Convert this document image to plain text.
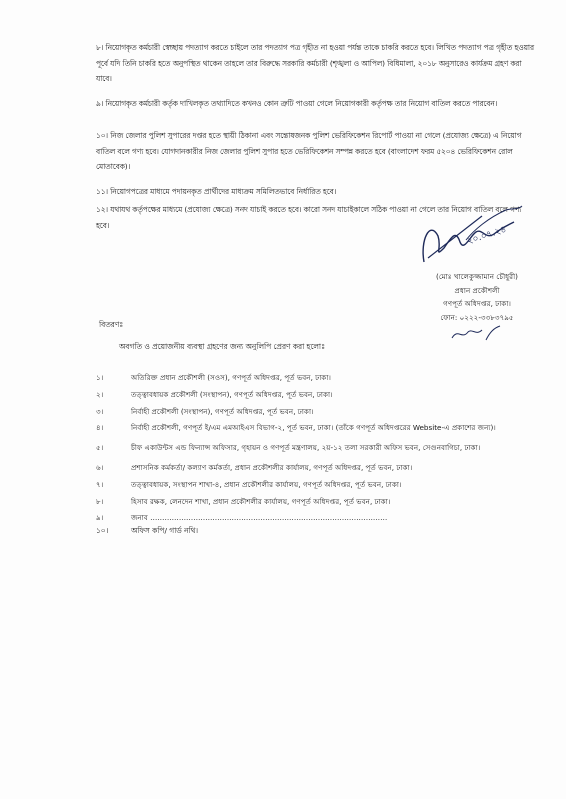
৮। নিয়োগকৃত কর্মচারী স্বেচ্ছায় পদত্যাগ করতে চাইলে তার পদত্যাগ পত্র গৃহীত না হওয়া পর্যন্ত তাকে চাকরি করতে হবে। লিখিত পদত্যাগ পত্র গৃহীত হওয়ার পূর্বে যদি তিনি চাকরি হতে অনুপস্থিত থাকেন তাহলে তার বিরুদ্ধে সরকারি কর্মচারী (শৃঙ্খলা ও আপিল) বিধিমালা, ২০১৮ অনুসারেও কার্যক্রম গ্রহণ করা যাবে।

৯। নিয়োগকৃত কর্মচারী কর্তৃক দাখিলকৃত তথ্যাদিতে কখনও কোন ত্রুটি পাওয়া গেলে নিয়োগকারী কর্তৃপক্ষ তার নিয়োগ বাতিল করতে পারবেন।

১০। নিজ জেলার পুলিশ সুপারের দপ্তর হতে স্থায়ী ঠিকানা এবং সন্তোষজনক পুলিশ ভেরিফিকেশন রিপোর্ট পাওয়া না গেলে (প্রযোজ্য ক্ষেত্রে) এ নিয়োগ বাতিল বলে গণ্য হবে। যোগদানকারীর নিজ জেলার পুলিশ সুপার হতে ভেরিফিকেশন সম্পন্ন করতে হবে (বাংলাদেশ ফরম ৫২০৪ ভেরিফিকেশন রোল মোতাবেক)।

১১। নিয়োগপত্রের মাধ্যমে পদায়নকৃত প্রার্থীদের মাধ্যক্রম সমিলিতভাবে নির্ধারিত হবে।

১২। যথাযথ কর্তৃপক্ষের মাধ্যমে (প্রযোজ্য ক্ষেত্রে) সনদ যাচাই করতে হবে। কারো সনদ যাচাইকালে সঠিক পাওয়া না গেলে তার নিয়োগ বাতিল বলে গণ্য হবে।	২০.০৭.২৪
(মোঃ খালেকুজ্জামান চৌধুরী)
প্রধান প্রকৌশলী
গণপূর্ত অধিদপ্তর, ঢাকা।
ফোন: ০২২২-৩৩৮৩৭৯৫
বিতরণঃ
অবগতি ও প্রয়োজনীয় ব্যবস্থা গ্রহণের জন্য অনুলিপি প্রেরণ করা হলোঃ
১।	অতিরিক্ত প্রধান প্রকৌশলী (সওস), গণপূর্ত অধিদপ্তর, পূর্ত ভবন, ঢাকা।
২।	তত্ত্বাবধায়ক প্রকৌশলী (সংস্থাপন), গণপূর্ত অধিদপ্তর, পূর্ত ভবন, ঢাকা।
৩।	নির্বাহী প্রকৌশলী (সংস্থাপন), গণপূর্ত অধিদপ্তর, পূর্ত ভবন, ঢাকা।
৪।	নির্বাহী প্রকৌশলী, গণপূর্ত ই/এম এমআইএস বিভাগ-২, পূর্ত ভবন, ঢাকা। (তাঁকে গণপূর্ত অধিদপ্তরের Website-এ প্রকাশের জন্য)।
৫।	চীফ একাউন্টস এন্ড ফিন্যান্স অফিসার, গৃহায়ন ও গণপূর্ত মন্ত্রণালয়, ২য়-১২ তলা সরকারী অফিস ভবন, সেগুনবাগিচা, ঢাকা।
৬।	প্রশাসনিক কর্মকর্তা/ কল্যাণ কর্মকর্তা, প্রধান প্রকৌশলীর কার্যালয়, গণপূর্ত অধিদপ্তর, পূর্ত ভবন, ঢাকা।
৭।	তত্ত্বাবধায়ক, সংস্থাপন শাখা-৪, প্রধান প্রকৌশলীর কার্যালয়, গণপূর্ত অধিদপ্তর, পূর্ত ভবন, ঢাকা।
৮।	হিসাব রক্ষক, লেনদেন শাখা, প্রধান প্রকৌশলীর কার্যালয়, গণপূর্ত অধিদপ্তর, পূর্ত ভবন, ঢাকা।
৯।	জনাব ………………………………………………………………………………………
১০।	অফিস কপি/ গার্ড নথি।
